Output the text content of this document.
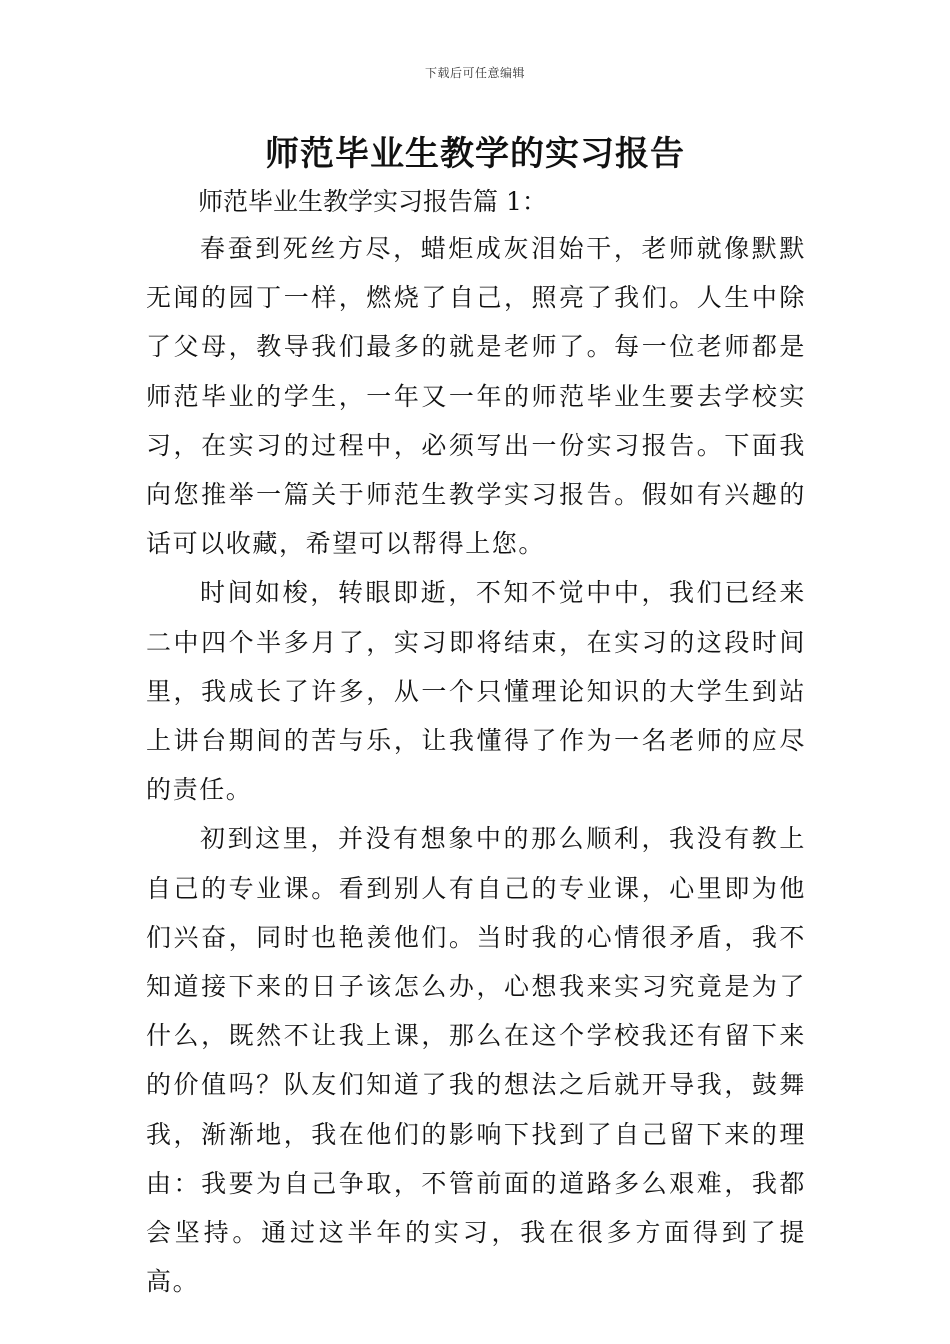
下载后可任意编辑
师范毕业生教学的实习报告
师范毕业生教学实习报告篇 1：

春蚕到死丝方尽，蜡炬成灰泪始干，老师就像默默无闻的园丁一样，燃烧了自己，照亮了我们。人生中除了父母，教导我们最多的就是老师了。每一位老师都是师范毕业的学生，一年又一年的师范毕业生要去学校实习，在实习的过程中，必须写出一份实习报告。下面我向您推举一篇关于师范生教学实习报告。假如有兴趣的话可以收藏，希望可以帮得上您。

时间如梭，转眼即逝，不知不觉中中，我们已经来二中四个半多月了，实习即将结束，在实习的这段时间里，我成长了许多，从一个只懂理论知识的大学生到站上讲台期间的苦与乐，让我懂得了作为一名老师的应尽的责任。

初到这里，并没有想象中的那么顺利，我没有教上自己的专业课。看到别人有自己的专业课，心里即为他们兴奋，同时也艳羡他们。当时我的心情很矛盾，我不知道接下来的日子该怎么办，心想我来实习究竟是为了什么，既然不让我上课，那么在这个学校我还有留下来的价值吗？队友们知道了我的想法之后就开导我，鼓舞我，渐渐地，我在他们的影响下找到了自己留下来的理由：我要为自己争取，不管前面的道路多么艰难，我都会坚持。通过这半年的实习，我在很多方面得到了提高。
